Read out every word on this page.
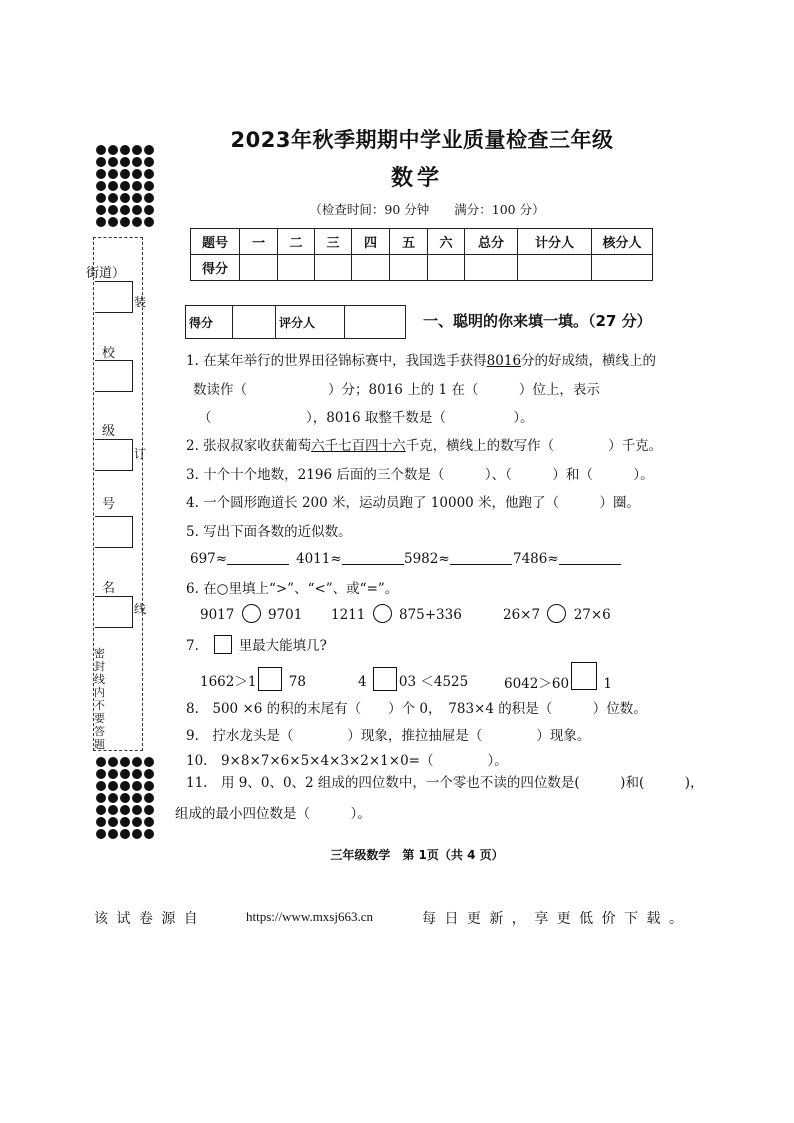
2023年秋季期期中学业质量检查三年级
数学
（检查时间：90 分钟　　满分：100 分）
题号	一	二	三	四	五	六	总分	计分人	核分人
得分									
街道）
校
级
号
名
装
订
线
密
封
线
内
不
要
答
题
得分		评分人		一、聪明的你来填一填。（27 分）
1. 在某年举行的世界田径锦标赛中，我国选手获得8016分的好成绩，横线上的
数读作（　　　　　　）分；8016 上的 1 在（　　　）位上，表示
（　　　　　　　），8016 取整千数是（　　　　　）。
2. 张叔叔家收获葡萄六千七百四十六千克，横线上的数写作（　　　　）千克。
3. 十个十个地数，2196 后面的三个数是（　　　）、（　　　）和（　　　）。
4. 一个圆形跑道长 200 米，运动员跑了 10000 米，他跑了（　　　）圈。
5. 写出下面各数的近似数。
697≈	4011≈	5982≈	7486≈
6. 在○里填上“>”、“<”、或“=”。
9017 9701 1211 875+336	26×7 27×6
7.　	里最大能填几?
1662＞1 78	4 03 ＜4525	6042＞60	1
8.　500 ×6 的积的末尾有（　　）个 0，　783×4 的积是（　　　）位数。
9.　拧水龙头是（　　　　）现象，推拉抽屉是（　　　　）现象。
10.　9×8×7×6×5×4×3×2×1×0=（　　　　）。
11.　用 9、0、0、2 组成的四位数中，一个零也不读的四位数是(　　　)和(　　　)，
组成的最小四位数是（　　　）。
三年级数学　第 1页（共 4 页）
该 试 卷 源 自	https://www.mxsj663.cn	每 日 更 新 ， 享 更 低 价 下 载 。
